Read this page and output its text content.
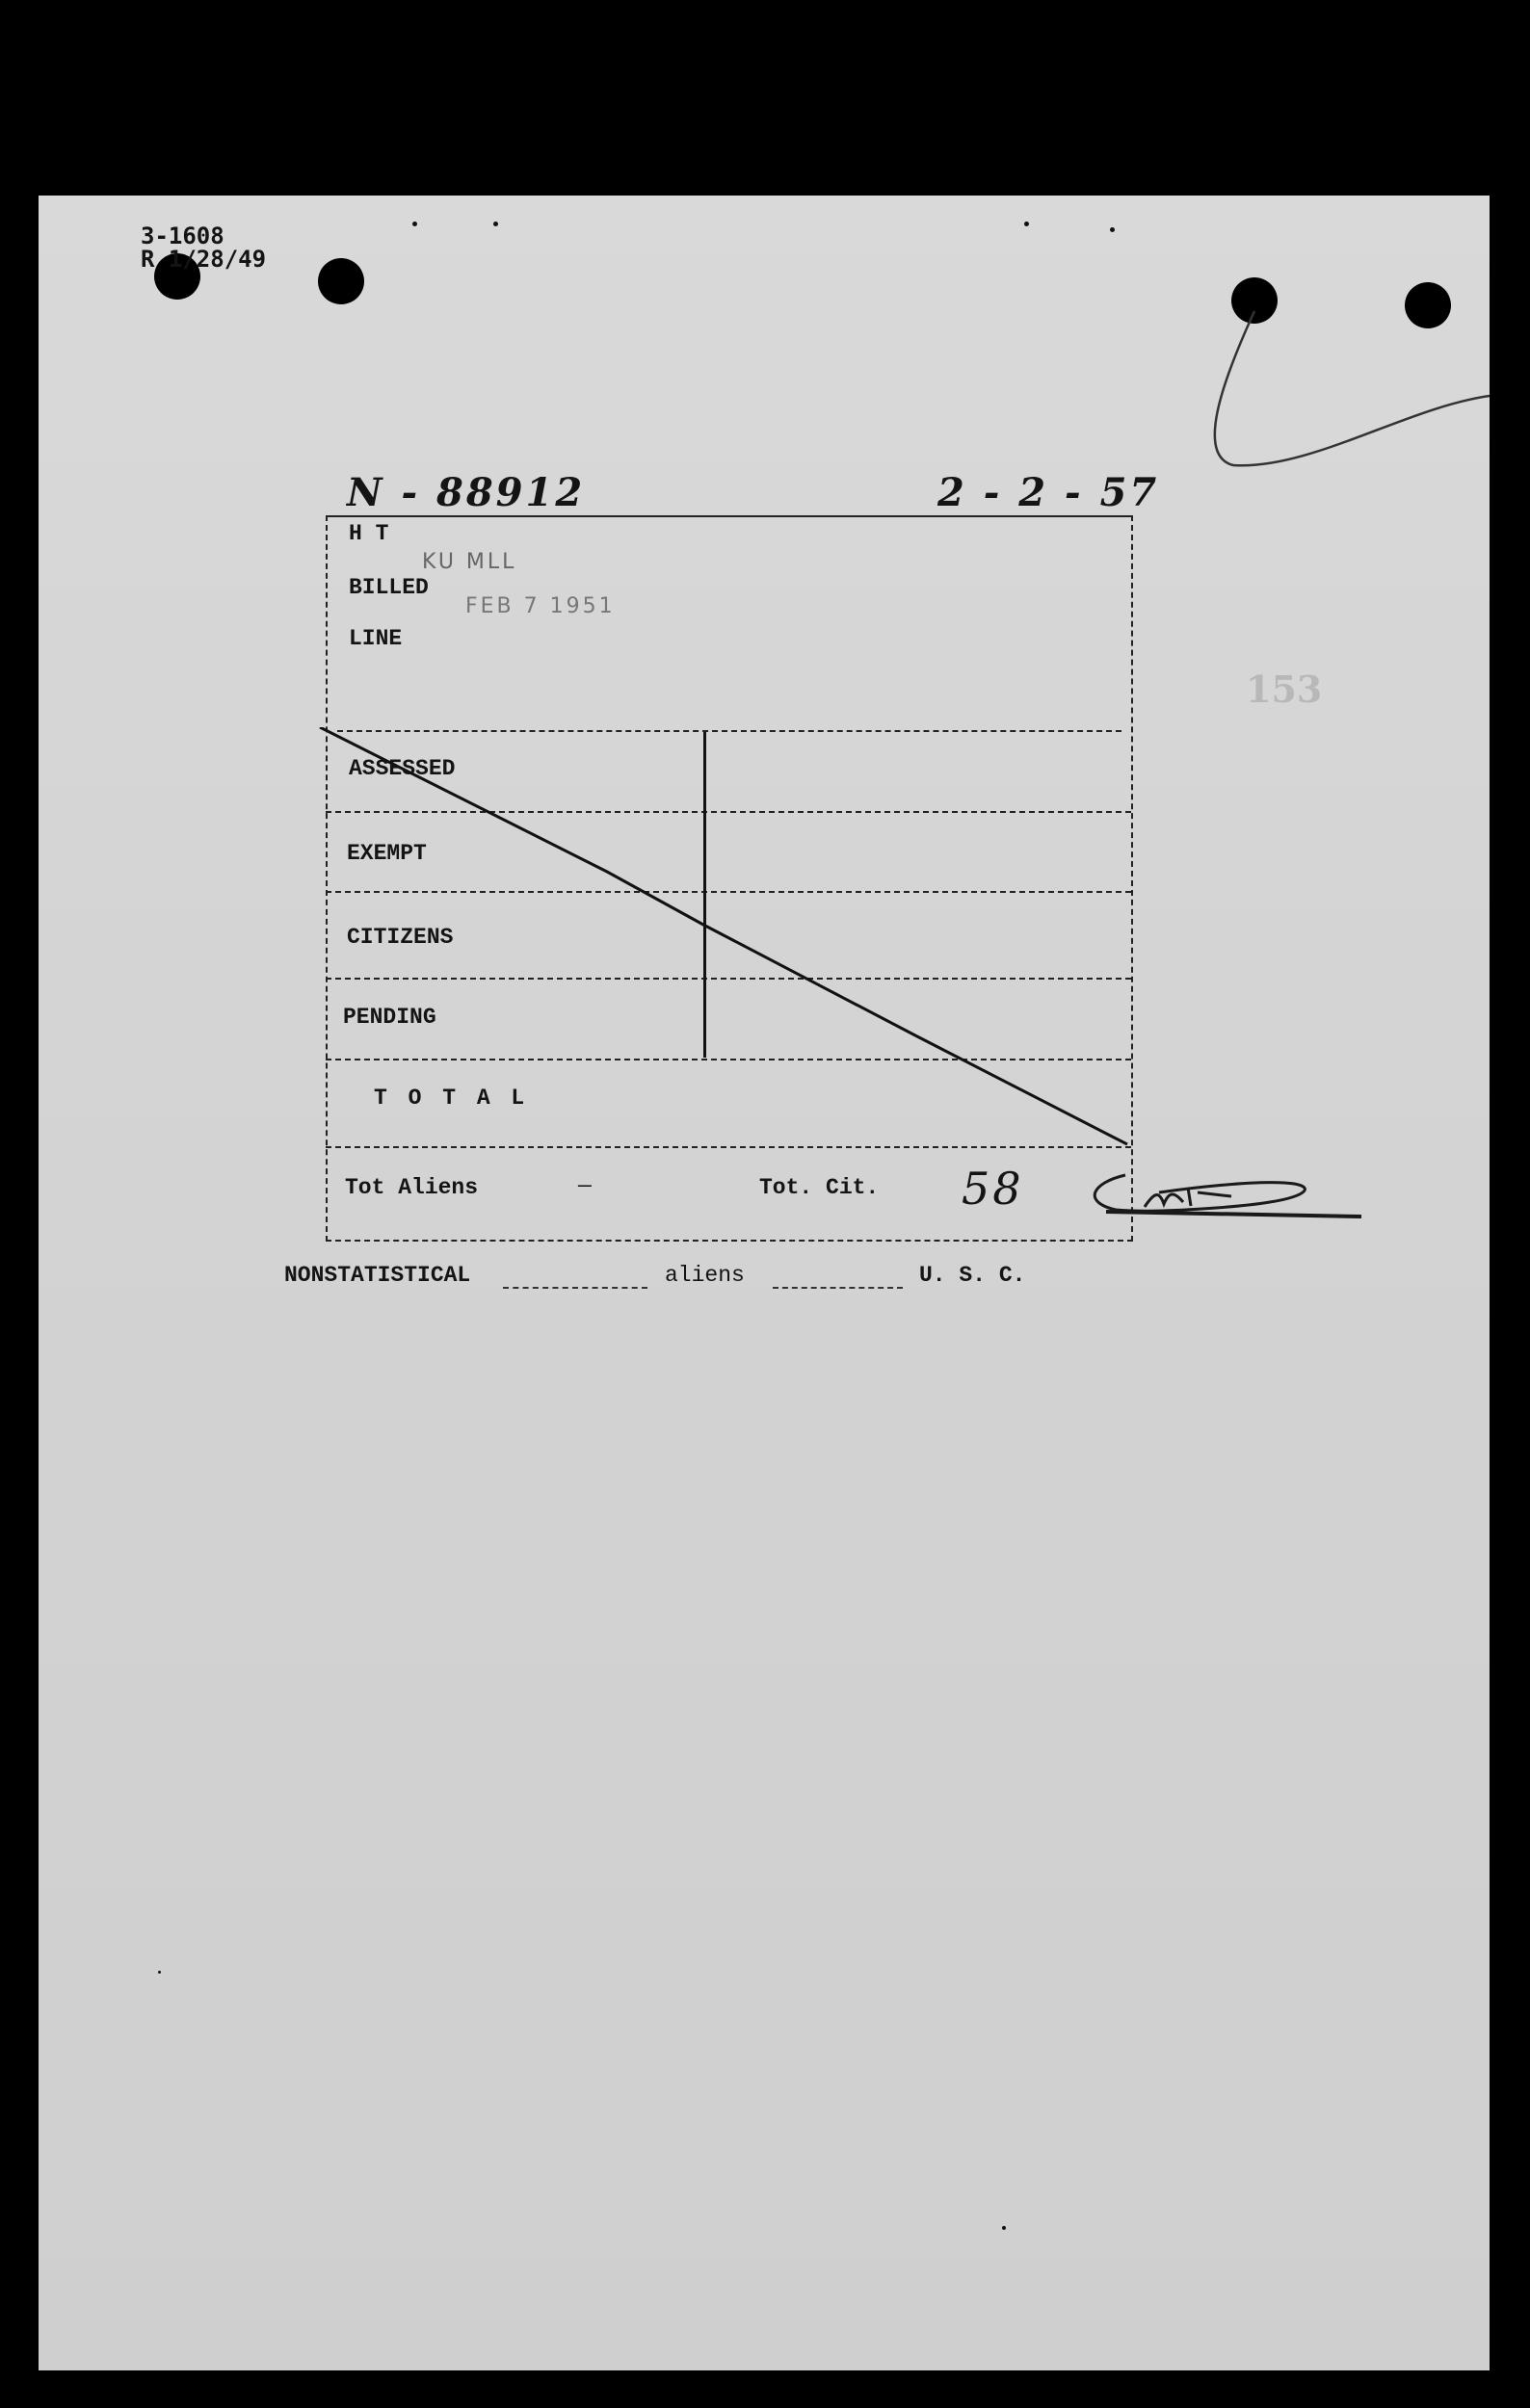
3-1608
R 1/28/49
N - 88912	2 - 2 - 57
153
H T
KU MLL
BILLED
FEB 7 1951
LINE
ASSESSED
EXEMPT
CITIZENS
PENDING
T O T A L
Tot Aliens	—	Tot. Cit. 58
NONSTATISTICAL	aliens	U. S. C.
